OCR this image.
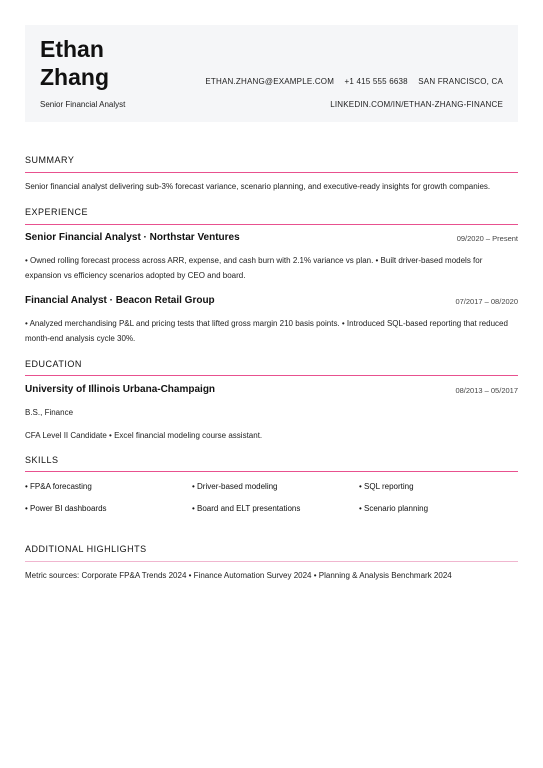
Ethan
Zhang
Senior Financial Analyst
ETHAN.ZHANG@EXAMPLE.COM +1 415 555 6638 SAN FRANCISCO, CA
LINKEDIN.COM/IN/ETHAN-ZHANG-FINANCE
SUMMARY
Senior financial analyst delivering sub-3% forecast variance, scenario planning, and executive-ready insights for growth companies.
EXPERIENCE
Senior Financial Analyst · Northstar Ventures	09/2020 – Present
• Owned rolling forecast process across ARR, expense, and cash burn with 2.1% variance vs plan. • Built driver-based models for expansion vs efficiency scenarios adopted by CEO and board.
Financial Analyst · Beacon Retail Group	07/2017 – 08/2020
• Analyzed merchandising P&L and pricing tests that lifted gross margin 210 basis points. • Introduced SQL-based reporting that reduced month-end analysis cycle 30%.
EDUCATION
University of Illinois Urbana-Champaign	08/2013 – 05/2017
B.S., Finance
CFA Level II Candidate • Excel financial modeling course assistant.
SKILLS
• FP&A forecasting	• Driver-based modeling	• SQL reporting
• Power BI dashboards	• Board and ELT presentations	• Scenario planning
ADDITIONAL HIGHLIGHTS
Metric sources: Corporate FP&A Trends 2024 • Finance Automation Survey 2024 • Planning & Analysis Benchmark 2024
